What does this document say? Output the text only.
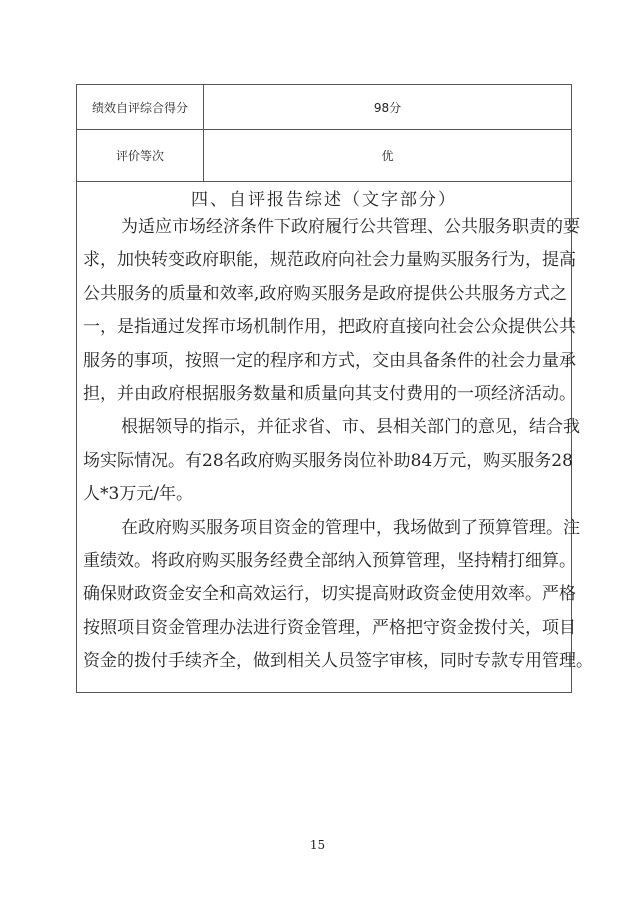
绩效自评综合得分	98分
评价等次	优
四、自评报告综述（文字部分）
为适应市场经济条件下政府履行公共管理、公共服务职责的要
求，加快转变政府职能，规范政府向社会力量购买服务行为，提高
公共服务的质量和效率,政府购买服务是政府提供公共服务方式之
一，是指通过发挥市场机制作用，把政府直接向社会公众提供公共
服务的事项，按照一定的程序和方式，交由具备条件的社会力量承
担，并由政府根据服务数量和质量向其支付费用的一项经济活动。
根据领导的指示，并征求省、市、县相关部门的意见，结合我
场实际情况。有28名政府购买服务岗位补助84万元，购买服务28
人*3万元/年。
在政府购买服务项目资金的管理中，我场做到了预算管理。注
重绩效。将政府购买服务经费全部纳入预算管理，坚持精打细算。
确保财政资金安全和高效运行，切实提高财政资金使用效率。严格
按照项目资金管理办法进行资金管理，严格把守资金拨付关，项目
资金的拨付手续齐全，做到相关人员签字审核，同时专款专用管理。
15
